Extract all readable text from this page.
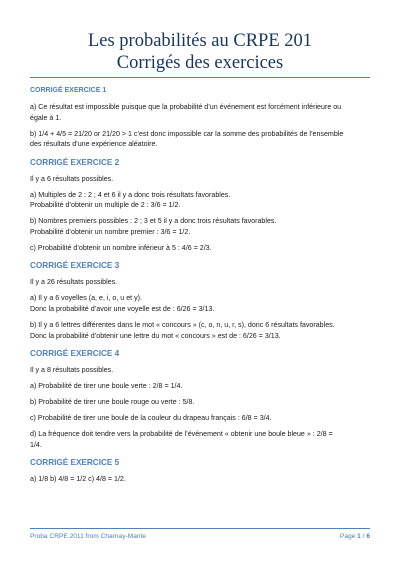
Les probabilités au CRPE 201
Corrigés des exercices
CORRIGÉ EXERCICE 1

a) Ce résultat est impossible puisque que la probabilité d’un événement est forcément inférieure ou
égale à 1.

b) 1/4 + 4/5 = 21/20 or 21/20 > 1 c’est donc impossible car la somme des probabilités de l’ensemble
des résultats d’une expérience aléatoire.

CORRIGÉ EXERCICE 2

Il y a 6 résultats possibles.

a) Multiples de 2 : 2 ; 4 et 6 il y a donc trois résultats favorables.
Probabilité d’obtenir un multiple de 2 : 3/6 = 1/2.

b) Nombres premiers possibles : 2 ; 3 et 5 il y a donc trois résultats favorables.
Probabilité d’obtenir un nombre premier : 3/6 = 1/2.

c) Probabilité d’obtenir un nombre inférieur à 5 : 4/6 = 2/3.

CORRIGÉ EXERCICE 3

Il y a 26 résultats possibles.

a) Il y a 6 voyelles (a, e, i, o, u et y).
Donc la probabilité d’avoir une voyelle est de : 6/26 = 3/13.

b) Il y a 6 lettres différentes dans le mot « concours » (c, o, n, u, r, s), donc 6 résultats favorables.
Donc la probabilité d’obtenir une lettre du mot « concours » est de : 6/26 = 3/13.

CORRIGÉ EXERCICE 4

Il y a 8 résultats possibles.

a) Probabilité de tirer une boule verte : 2/8 = 1/4.

b) Probabilité de tirer une boule rouge ou verte : 5/8.

c) Probabilité de tirer une boule de la couleur du drapeau français : 6/8 = 3/4.

d) La fréquence doit tendre vers la probabilité de l’événement « obtenir une boule bleue » : 2/8 =
1/4.

CORRIGÉ EXERCICE 5

a) 1/8 b) 4/8 = 1/2 c) 4/8 = 1/2.

Proba CRPE 2011 from Charnay-Mante	Page 1 / 6
